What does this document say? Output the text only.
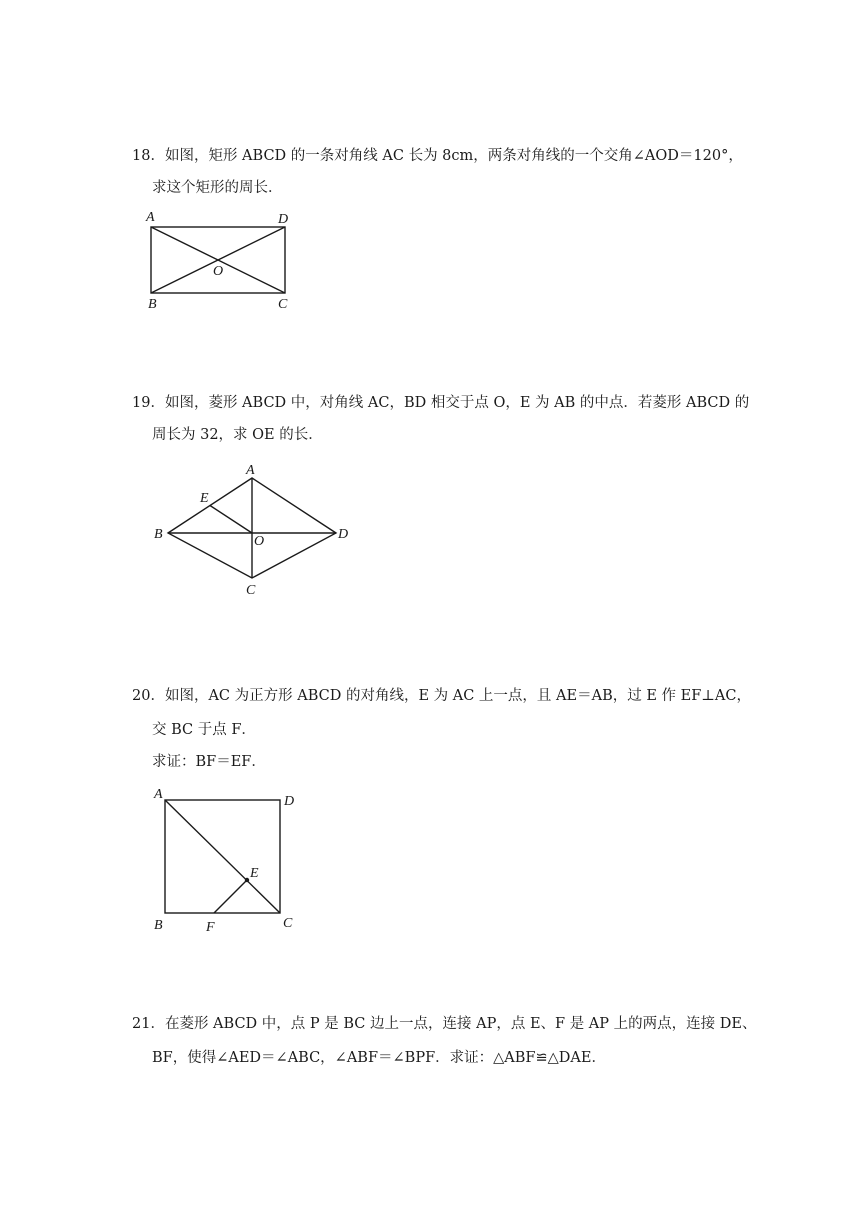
18．如图，矩形 ABCD 的一条对角线 AC 长为 8cm，两条对角线的一个交角∠AOD＝120°，
求这个矩形的周长．
A	D
O
B	C
19．如图，菱形 ABCD 中，对角线 AC，BD 相交于点 O，E 为 AB 的中点．若菱形 ABCD 的
周长为 32，求 OE 的长．
A
E
B	O	D
C
20．如图，AC 为正方形 ABCD 的对角线，E 为 AC 上一点，且 AE＝AB，过 E 作 EF⊥AC，
交 BC 于点 F．
求证：BF＝EF．
A	D
E
B	F	C
21．在菱形 ABCD 中，点 P 是 BC 边上一点，连接 AP，点 E、F 是 AP 上的两点，连接 DE、
BF，使得∠AED＝∠ABC，∠ABF＝∠BPF．求证：△ABF≌△DAE．
